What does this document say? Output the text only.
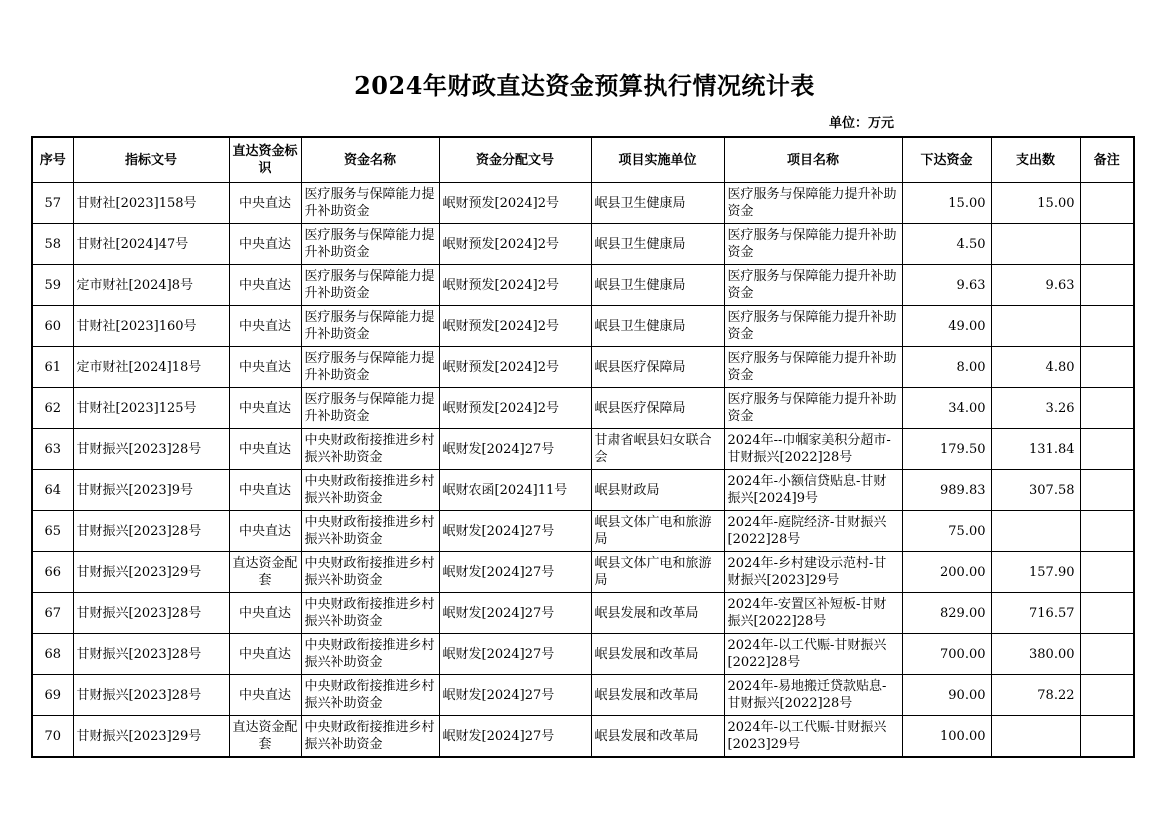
2024年财政直达资金预算执行情况统计表
单位：万元
序号	指标文号	直达资金标识	资金名称	资金分配文号	项目实施单位	项目名称	下达资金	支出数	备注
57	甘财社[2023]158号	中央直达	医疗服务与保障能力提升补助资金	岷财预发[2024]2号	岷县卫生健康局	医疗服务与保障能力提升补助资金	15.00	15.00	
58	甘财社[2024]47号	中央直达	医疗服务与保障能力提升补助资金	岷财预发[2024]2号	岷县卫生健康局	医疗服务与保障能力提升补助资金	4.50		
59	定市财社[2024]8号	中央直达	医疗服务与保障能力提升补助资金	岷财预发[2024]2号	岷县卫生健康局	医疗服务与保障能力提升补助资金	9.63	9.63	
60	甘财社[2023]160号	中央直达	医疗服务与保障能力提升补助资金	岷财预发[2024]2号	岷县卫生健康局	医疗服务与保障能力提升补助资金	49.00		
61	定市财社[2024]18号	中央直达	医疗服务与保障能力提升补助资金	岷财预发[2024]2号	岷县医疗保障局	医疗服务与保障能力提升补助资金	8.00	4.80	
62	甘财社[2023]125号	中央直达	医疗服务与保障能力提升补助资金	岷财预发[2024]2号	岷县医疗保障局	医疗服务与保障能力提升补助资金	34.00	3.26	
63	甘财振兴[2023]28号	中央直达	中央财政衔接推进乡村振兴补助资金	岷财发[2024]27号	甘肃省岷县妇女联合会	2024年--巾帼家美积分超市-甘财振兴[2022]28号	179.50	131.84	
64	甘财振兴[2023]9号	中央直达	中央财政衔接推进乡村振兴补助资金	岷财农函[2024]11号	岷县财政局	2024年-小额信贷贴息-甘财振兴[2024]9号	989.83	307.58	
65	甘财振兴[2023]28号	中央直达	中央财政衔接推进乡村振兴补助资金	岷财发[2024]27号	岷县文体广电和旅游局	2024年-庭院经济-甘财振兴[2022]28号	75.00		
66	甘财振兴[2023]29号	直达资金配套	中央财政衔接推进乡村振兴补助资金	岷财发[2024]27号	岷县文体广电和旅游局	2024年-乡村建设示范村-甘财振兴[2023]29号	200.00	157.90	
67	甘财振兴[2023]28号	中央直达	中央财政衔接推进乡村振兴补助资金	岷财发[2024]27号	岷县发展和改革局	2024年-安置区补短板-甘财振兴[2022]28号	829.00	716.57	
68	甘财振兴[2023]28号	中央直达	中央财政衔接推进乡村振兴补助资金	岷财发[2024]27号	岷县发展和改革局	2024年-以工代赈-甘财振兴[2022]28号	700.00	380.00	
69	甘财振兴[2023]28号	中央直达	中央财政衔接推进乡村振兴补助资金	岷财发[2024]27号	岷县发展和改革局	2024年-易地搬迁贷款贴息-甘财振兴[2022]28号	90.00	78.22	
70	甘财振兴[2023]29号	直达资金配套	中央财政衔接推进乡村振兴补助资金	岷财发[2024]27号	岷县发展和改革局	2024年-以工代赈-甘财振兴[2023]29号	100.00		
